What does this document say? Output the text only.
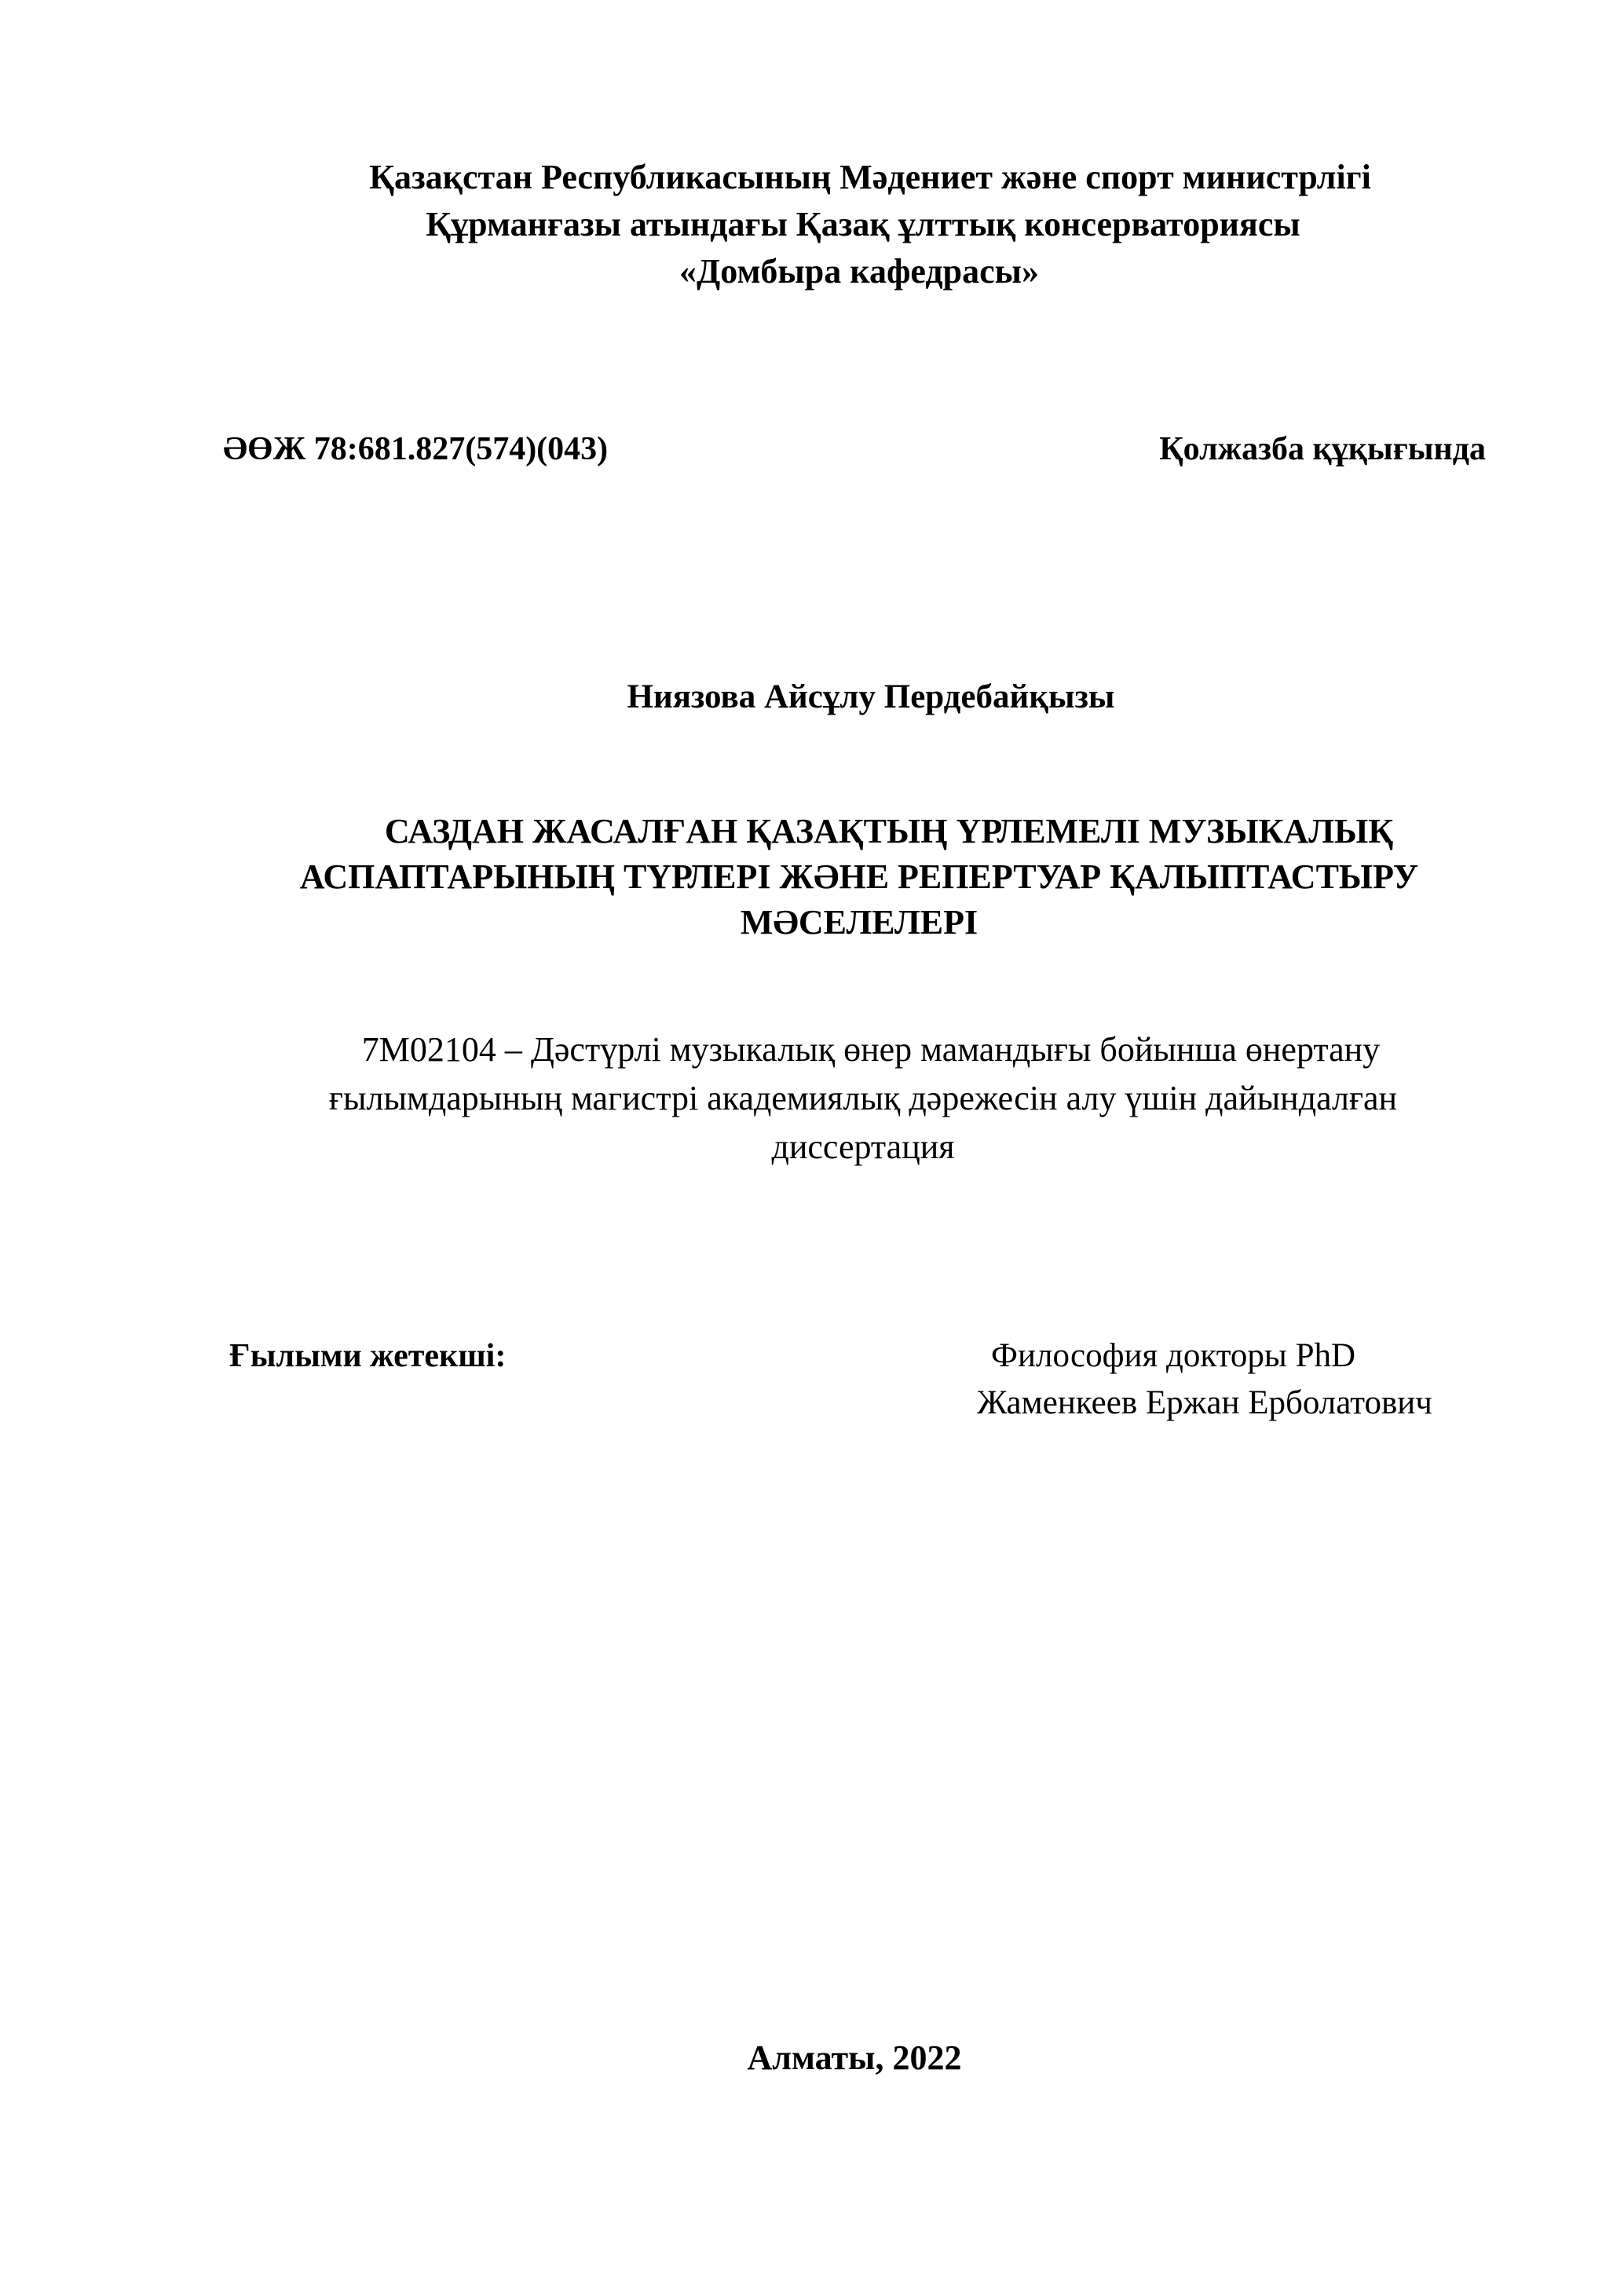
Қазақстан Республикасының Мәдениет және спорт министрлігі
Құрманғазы атындағы Қазақ ұлттық консерваториясы
«Домбыра кафедрасы»
ӘӨЖ 78:681.827(574)(043)	Қолжазба құқығында
Ниязова Айсұлу Пердебайқызы
САЗДАН ЖАСАЛҒАН ҚАЗАҚТЫҢ ҮРЛЕМЕЛІ МУЗЫКАЛЫҚ
АСПАПТАРЫНЫҢ ТҮРЛЕРІ ЖӘНЕ РЕПЕРТУАР ҚАЛЫПТАСТЫРУ
МӘСЕЛЕЛЕРІ
7M02104 – Дәстүрлі музыкалық өнер мамандығы бойынша өнертану
ғылымдарының магистрі академиялық дәрежесін алу үшін дайындалған
диссертация
Ғылыми жетекші:	Философия докторы PhD
Жаменкеев Ержан Ерболатович
Алматы, 2022
